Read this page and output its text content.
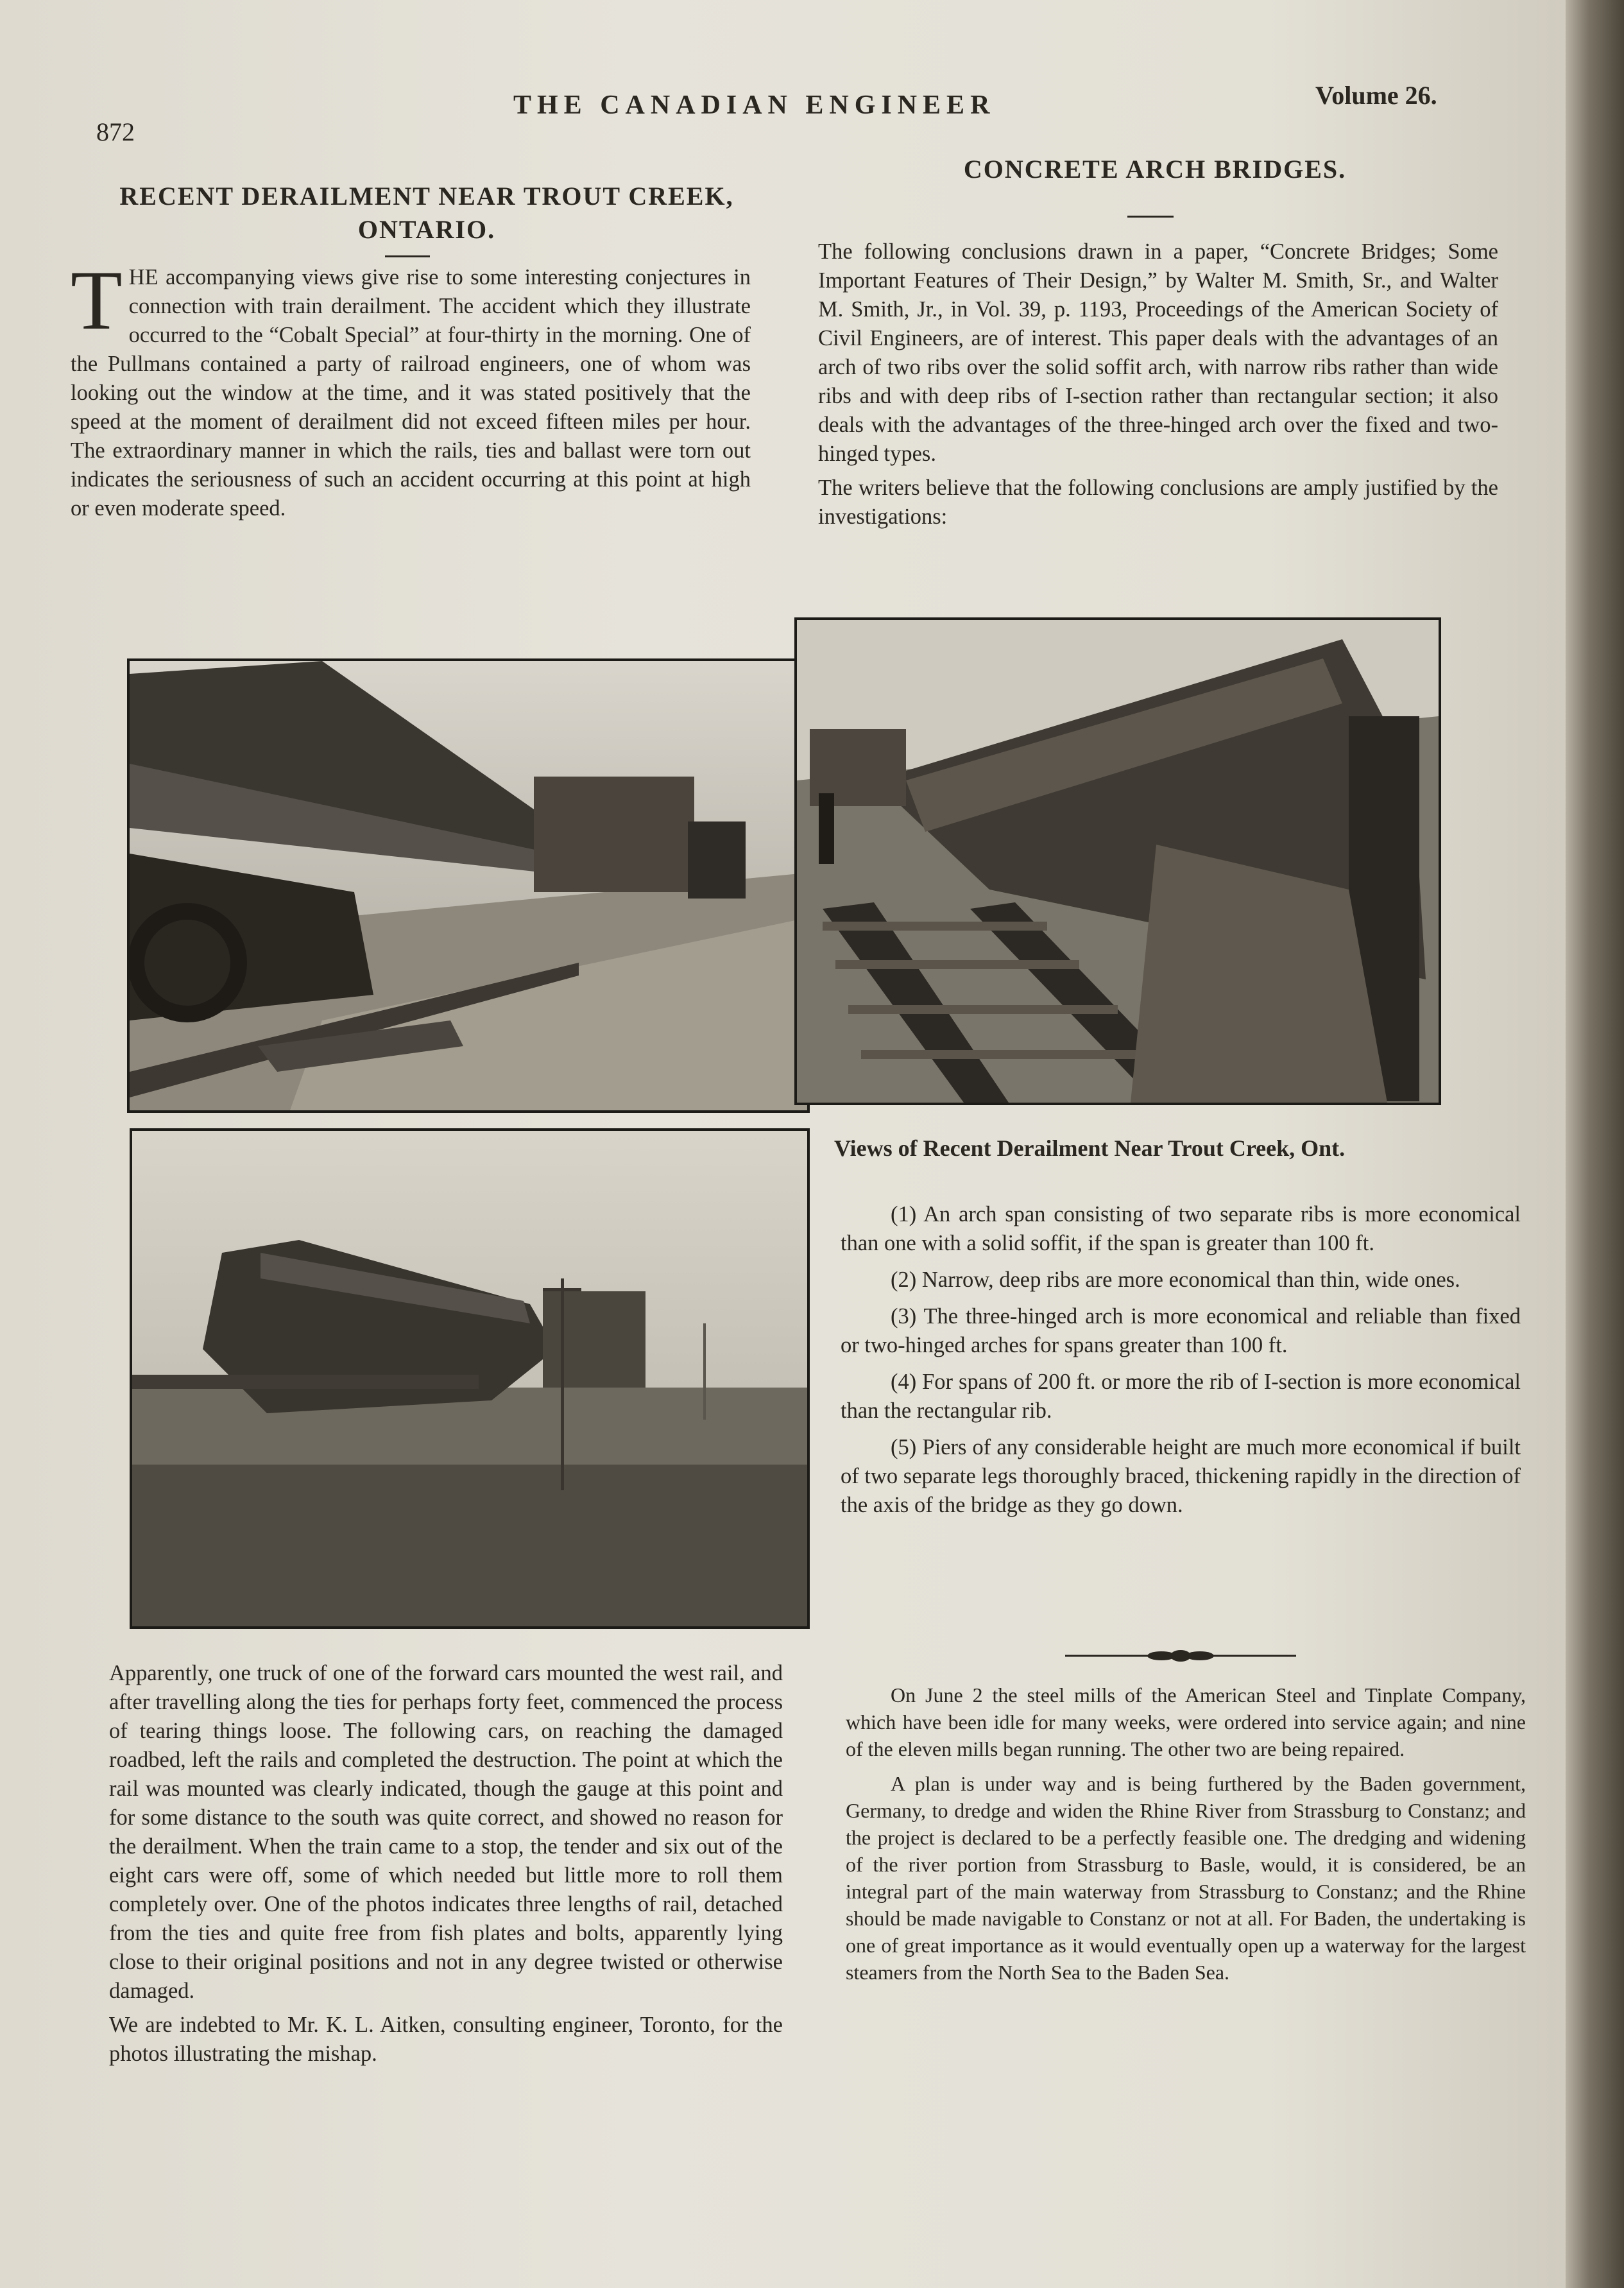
872
THE CANADIAN ENGINEER	Volume 26.
RECENT DERAILMENT NEAR TROUT CREEK,
ONTARIO.
T HE accompanying views give rise to some interesting conjectures in connection with train derailment. The accident which they illustrate occurred to the “Cobalt Special” at four-thirty in the morning. One of the Pullmans contained a party of railroad engineers, one of whom was looking out the window at the time, and it was stated positively that the speed at the moment of derailment did not exceed fifteen miles per hour. The extraordinary manner in which the rails, ties and ballast were torn out indicates the seriousness of such an accident occurring at this point at high or even moderate speed.
CONCRETE ARCH BRIDGES.

The following conclusions drawn in a paper, “Concrete Bridges; Some Important Features of Their Design,” by Walter M. Smith, Sr., and Walter M. Smith, Jr., in Vol. 39, p. 1193, Proceedings of the American Society of Civil Engineers, are of interest. This paper deals with the advantages of an arch of two ribs over the solid soffit arch, with narrow ribs rather than wide ribs and with deep ribs of I-section rather than rectangular section; it also deals with the advantages of the three-hinged arch over the fixed and two-hinged types.

The writers believe that the following conclusions are amply justified by the investigations:

Views of Recent Derailment Near Trout Creek, Ont.

(1) An arch span consisting of two separate ribs is more economical than one with a solid soffit, if the span is greater than 100 ft.

(2) Narrow, deep ribs are more economical than thin, wide ones.

(3) The three-hinged arch is more economical and reliable than fixed or two-hinged arches for spans greater than 100 ft.

(4) For spans of 200 ft. or more the rib of I-section is more economical than the rectangular rib.

(5) Piers of any considerable height are much more economical if built of two separate legs thoroughly braced, thickening rapidly in the direction of the axis of the bridge as they go down.

Apparently, one truck of one of the forward cars mounted the west rail, and after travelling along the ties for perhaps forty feet, commenced the process of tearing things loose. The following cars, on reaching the damaged roadbed, left the rails and completed the destruction. The point at which the rail was mounted was clearly indicated, though the gauge at this point and for some distance to the south was quite correct, and showed no reason for the derailment. When the train came to a stop, the tender and six out of the eight cars were off, some of which needed but little more to roll them completely over. One of the photos indicates three lengths of rail, detached from the ties and quite free from fish plates and bolts, apparently lying close to their original positions and not in any degree twisted or otherwise damaged.

We are indebted to Mr. K. L. Aitken, consulting engineer, Toronto, for the photos illustrating the mishap.

On June 2 the steel mills of the American Steel and Tinplate Company, which have been idle for many weeks, were ordered into service again; and nine of the eleven mills began running. The other two are being repaired.

A plan is under way and is being furthered by the Baden government, Germany, to dredge and widen the Rhine River from Strassburg to Constanz; and the project is declared to be a perfectly feasible one. The dredging and widening of the river portion from Strassburg to Basle, would, it is considered, be an integral part of the main waterway from Strassburg to Constanz; and the Rhine should be made navigable to Constanz or not at all. For Baden, the undertaking is one of great importance as it would eventually open up a waterway for the largest steamers from the North Sea to the Baden Sea.
